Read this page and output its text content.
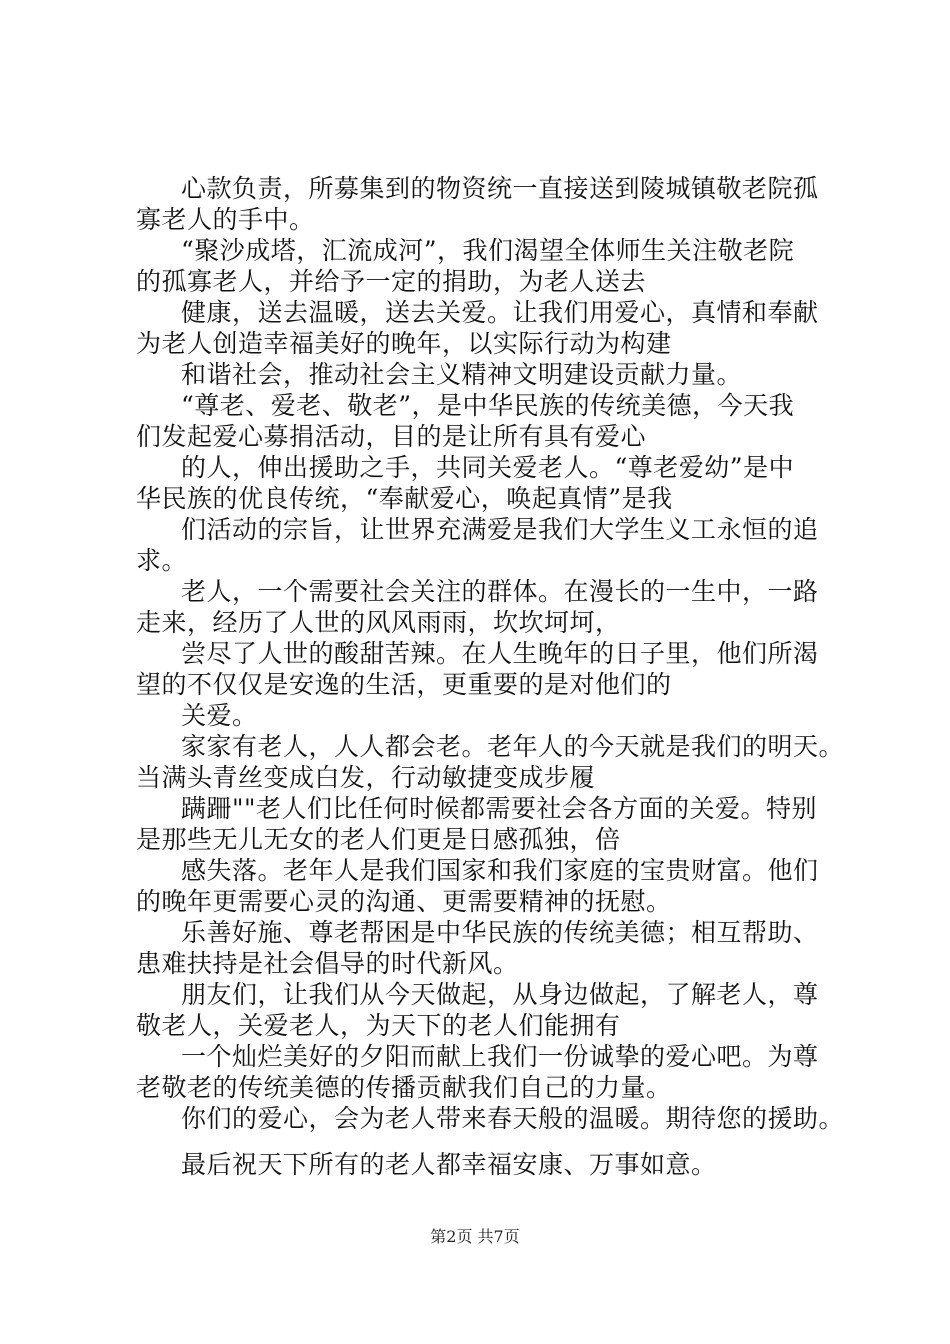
心款负责，所募集到的物资统一直接送到陵城镇敬老院孤
寡老人的手中。
“聚沙成塔，汇流成河”，我们渴望全体师生关注敬老院
的孤寡老人，并给予一定的捐助，为老人送去
健康，送去温暖，送去关爱。让我们用爱心，真情和奉献
为老人创造幸福美好的晚年，以实际行动为构建
和谐社会，推动社会主义精神文明建设贡献力量。
“尊老、爱老、敬老”，是中华民族的传统美德，今天我
们发起爱心募捐活动，目的是让所有具有爱心
的人，伸出援助之手，共同关爱老人。“尊老爱幼”是中
华民族的优良传统，“奉献爱心，唤起真情”是我
们活动的宗旨，让世界充满爱是我们大学生义工永恒的追
求。
老人，一个需要社会关注的群体。在漫长的一生中，一路
走来，经历了人世的风风雨雨，坎坎坷坷，
尝尽了人世的酸甜苦辣。在人生晚年的日子里，他们所渴
望的不仅仅是安逸的生活，更重要的是对他们的
关爱。
家家有老人，人人都会老。老年人的今天就是我们的明天。
当满头青丝变成白发，行动敏捷变成步履
蹒跚""老人们比任何时候都需要社会各方面的关爱。特别
是那些无儿无女的老人们更是日感孤独，倍
感失落。老年人是我们国家和我们家庭的宝贵财富。他们
的晚年更需要心灵的沟通、更需要精神的抚慰。
乐善好施、尊老帮困是中华民族的传统美德；相互帮助、
患难扶持是社会倡导的时代新风。
朋友们，让我们从今天做起，从身边做起，了解老人，尊
敬老人，关爱老人，为天下的老人们能拥有
一个灿烂美好的夕阳而献上我们一份诚挚的爱心吧。为尊
老敬老的传统美德的传播贡献我们自己的力量。
你们的爱心，会为老人带来春天般的温暖。期待您的援助。
最后祝天下所有的老人都幸福安康、万事如意。
第2页 共7页
